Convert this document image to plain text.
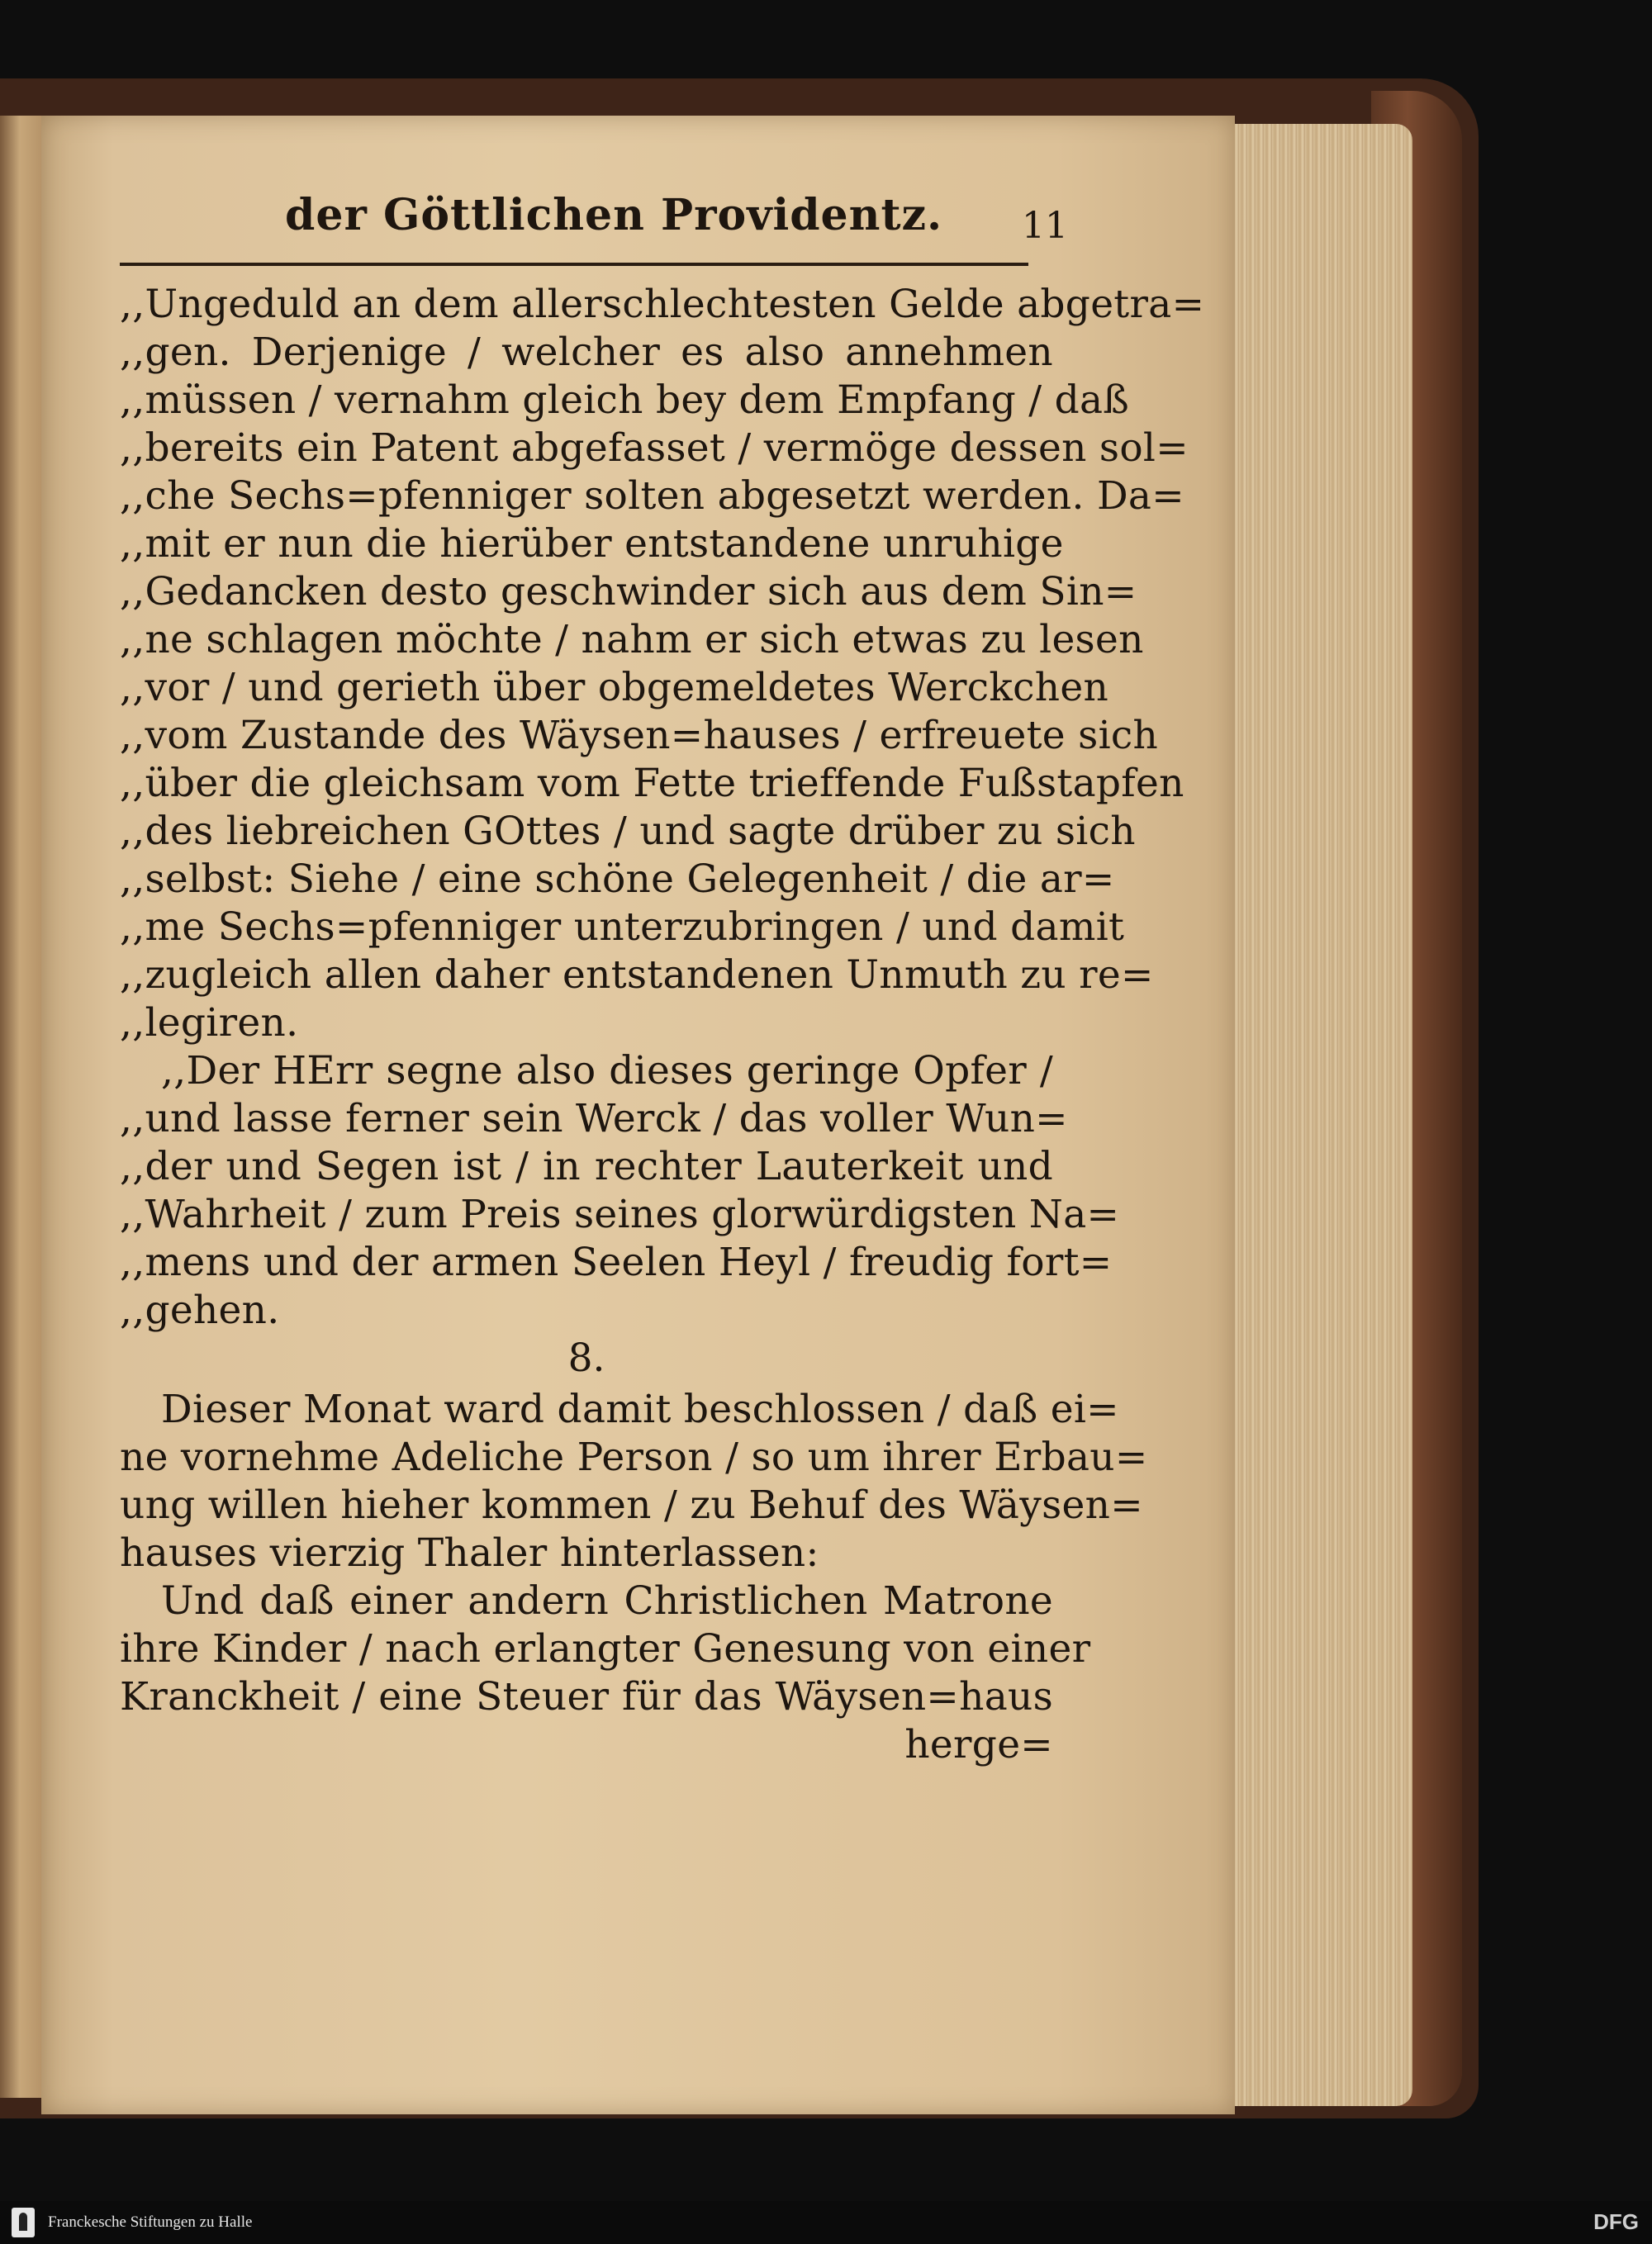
der Göttlichen Providentz. 11
,,Ungeduld an dem allerschlechtesten Gelde abgetra=
,,gen. Derjenige / welcher es also annehmen
,,müssen / vernahm gleich bey dem Empfang / daß
,,bereits ein Patent abgefasset / vermöge dessen sol=
,,che Sechs=pfenniger solten abgesetzt werden. Da=
,,mit er nun die hierüber entstandene unruhige
,,Gedancken desto geschwinder sich aus dem Sin=
,,ne schlagen möchte / nahm er sich etwas zu lesen
,,vor / und gerieth über obgemeldetes Werckchen
,,vom Zustande des Wäysen=hauses / erfreuete sich
,,über die gleichsam vom Fette trieffende Fußstapfen
,,des liebreichen GOttes / und sagte drüber zu sich
,,selbst: Siehe / eine schöne Gelegenheit / die ar=
,,me Sechs=pfenniger unterzubringen / und damit
,,zugleich allen daher entstandenen Unmuth zu re=
,,legiren.
,,Der HErr segne also dieses geringe Opfer /
,,und lasse ferner sein Werck / das voller Wun=
,,der und Segen ist / in rechter Lauterkeit und
,,Wahrheit / zum Preis seines glorwürdigsten Na=
,,mens und der armen Seelen Heyl / freudig fort=
,,gehen.
8.
Dieser Monat ward damit beschlossen / daß ei=
ne vornehme Adeliche Person / so um ihrer Erbau=
ung willen hieher kommen / zu Behuf des Wäysen=
hauses vierzig Thaler hinterlassen:
Und daß einer andern Christlichen Matrone
ihre Kinder / nach erlangter Genesung von einer
Kranckheit / eine Steuer für das Wäysen=haus
herge=
Franckesche Stiftungen zu Halle	DFG
